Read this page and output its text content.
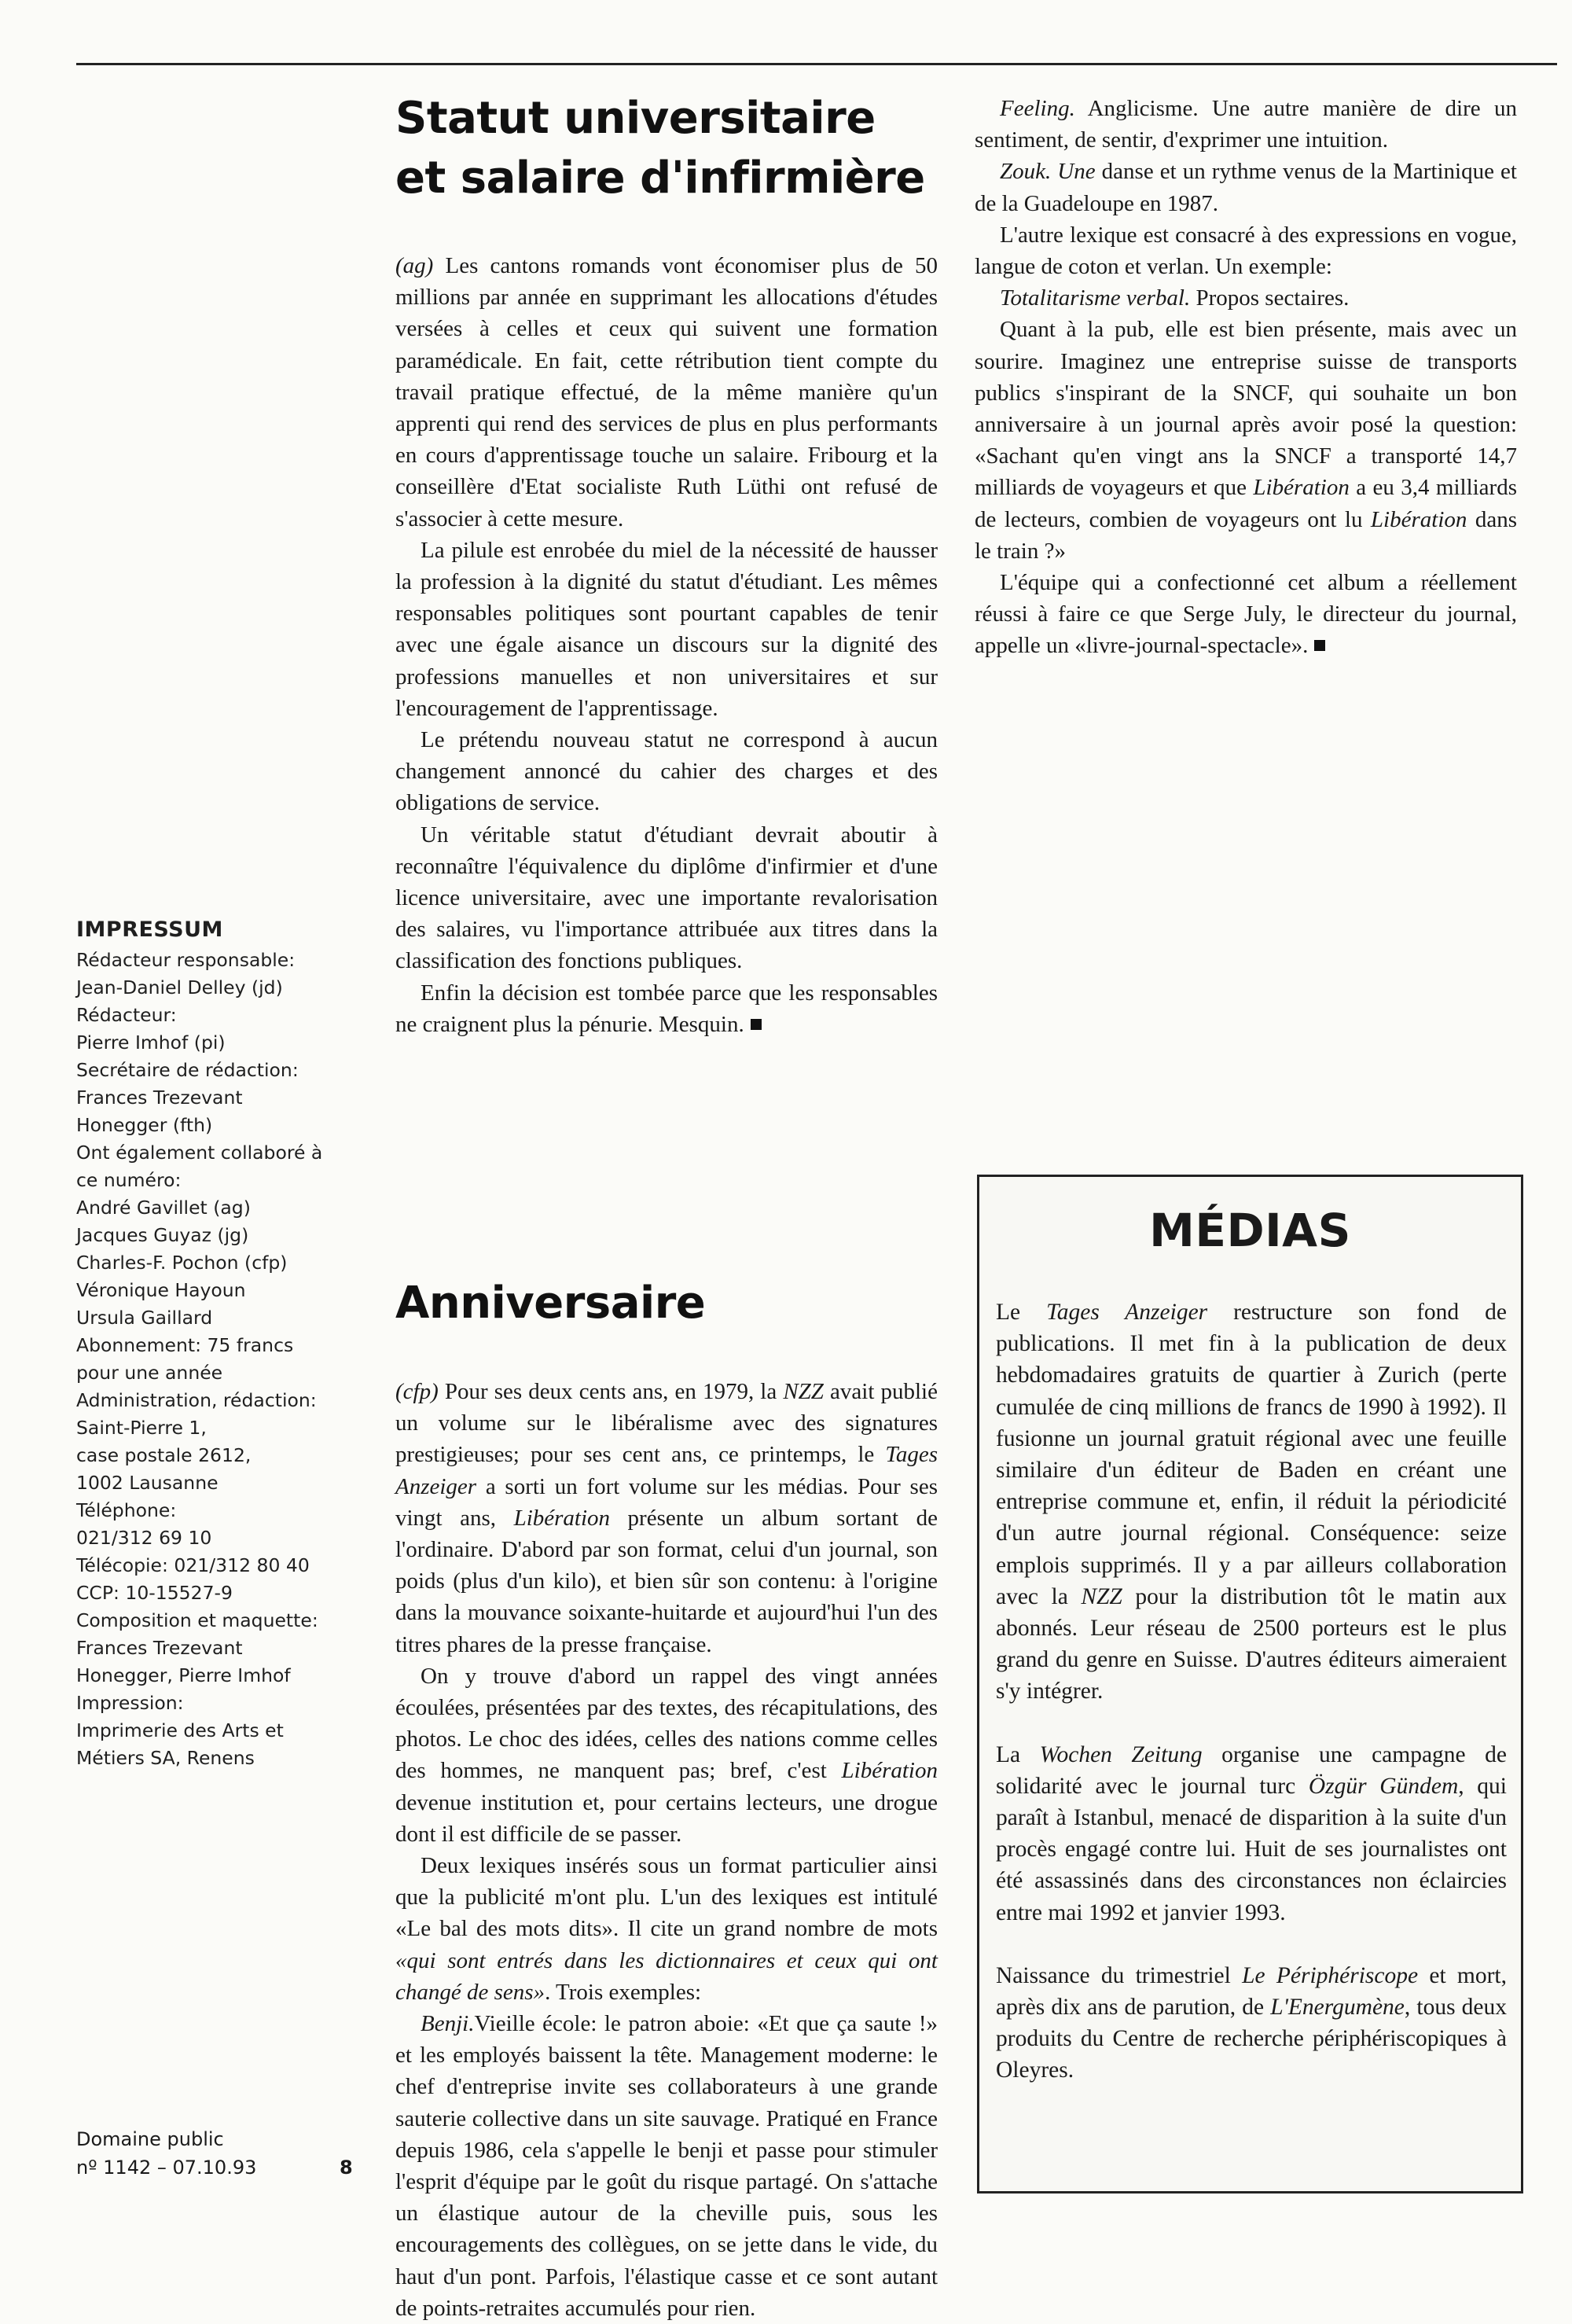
IMPRESSUM
Rédacteur responsable:
Jean-Daniel Delley (jd)
Rédacteur:
Pierre Imhof (pi)
Secrétaire de rédaction:
Frances Trezevant
Honegger (fth)
Ont également collaboré à
ce numéro:
André Gavillet (ag)
Jacques Guyaz (jg)
Charles-F. Pochon (cfp)
Véronique Hayoun
Ursula Gaillard
Abonnement: 75 francs
pour une année
Administration, rédaction:
Saint-Pierre 1,
case postale 2612,
1002 Lausanne
Téléphone:
021/312 69 10
Télécopie: 021/312 80 40
CCP: 10-15527-9
Composition et maquette:
Frances Trezevant
Honegger, Pierre Imhof
Impression:
Imprimerie des Arts et
Métiers SA, Renens
Domaine public
nº 1142 – 07.10.93	8
Statut universitaire
et salaire d'infirmière

(ag) Les cantons romands vont économiser plus de 50 millions par année en supprimant les allocations d'études versées à celles et ceux qui suivent une formation paramédicale. En fait, cette rétribution tient compte du travail pratique effectué, de la même manière qu'un apprenti qui rend des services de plus en plus performants en cours d'apprentissage touche un salaire. Fribourg et la conseillère d'Etat socialiste Ruth Lüthi ont refusé de s'associer à cette mesure.

La pilule est enrobée du miel de la nécessité de hausser la profession à la dignité du statut d'étudiant. Les mêmes responsables politiques sont pourtant capables de tenir avec une égale aisance un discours sur la dignité des professions manuelles et non universitaires et sur l'encouragement de l'apprentissage.

Le prétendu nouveau statut ne correspond à aucun changement annoncé du cahier des charges et des obligations de service.

Un véritable statut d'étudiant devrait aboutir à reconnaître l'équivalence du diplôme d'infirmier et d'une licence universitaire, avec une importante revalorisation des salaires, vu l'importance attribuée aux titres dans la classification des fonctions publiques.

Enfin la décision est tombée parce que les responsables ne craignent plus la pénurie. Mesquin.

Anniversaire

(cfp) Pour ses deux cents ans, en 1979, la NZZ avait publié un volume sur le libéralisme avec des signatures prestigieuses; pour ses cent ans, ce printemps, le Tages Anzeiger a sorti un fort volume sur les médias. Pour ses vingt ans, Libération présente un album sortant de l'ordinaire. D'abord par son format, celui d'un journal, son poids (plus d'un kilo), et bien sûr son contenu: à l'origine dans la mouvance soixante-huitarde et aujourd'hui l'un des titres phares de la presse française.

On y trouve d'abord un rappel des vingt années écoulées, présentées par des textes, des récapitulations, des photos. Le choc des idées, celles des nations comme celles des hommes, ne manquent pas; bref, c'est Libération devenue institution et, pour certains lecteurs, une drogue dont il est difficile de se passer.

Deux lexiques insérés sous un format particulier ainsi que la publicité m'ont plu. L'un des lexiques est intitulé «Le bal des mots dits». Il cite un grand nombre de mots «qui sont entrés dans les dictionnaires et ceux qui ont changé de sens». Trois exemples:

Benji.Vieille école: le patron aboie: «Et que ça saute !» et les employés baissent la tête. Management moderne: le chef d'entreprise invite ses collaborateurs à une grande sauterie collective dans un site sauvage. Pratiqué en France depuis 1986, cela s'appelle le benji et passe pour stimuler l'esprit d'équipe par le goût du risque partagé. On s'attache un élastique autour de la cheville puis, sous les encouragements des collègues, on se jette dans le vide, du haut d'un pont. Parfois, l'élastique casse et ce sont autant de points-retraites accumulés pour rien.

Feeling. Anglicisme. Une autre manière de dire un sentiment, de sentir, d'exprimer une intuition.

Zouk. Une danse et un rythme venus de la Martinique et de la Guadeloupe en 1987.

L'autre lexique est consacré à des expressions en vogue, langue de coton et verlan. Un exemple:

Totalitarisme verbal. Propos sectaires.

Quant à la pub, elle est bien présente, mais avec un sourire. Imaginez une entreprise suisse de transports publics s'inspirant de la SNCF, qui souhaite un bon anniversaire à un journal après avoir posé la question: «Sachant qu'en vingt ans la SNCF a transporté 14,7 milliards de voyageurs et que Libération a eu 3,4 milliards de lecteurs, combien de voyageurs ont lu Libération dans le train ?»

L'équipe qui a confectionné cet album a réellement réussi à faire ce que Serge July, le directeur du journal, appelle un «livre-journal-spectacle».

MÉDIAS

Le Tages Anzeiger restructure son fond de publications. Il met fin à la publication de deux hebdomadaires gratuits de quartier à Zurich (perte cumulée de cinq millions de francs de 1990 à 1992). Il fusionne un journal gratuit régional avec une feuille similaire d'un éditeur de Baden en créant une entreprise commune et, enfin, il réduit la périodicité d'un autre journal régional. Conséquence: seize emplois supprimés. Il y a par ailleurs collaboration avec la NZZ pour la distribution tôt le matin aux abonnés. Leur réseau de 2500 porteurs est le plus grand du genre en Suisse. D'autres éditeurs aimeraient s'y intégrer.

La Wochen Zeitung organise une campagne de solidarité avec le journal turc Özgür Gündem, qui paraît à Istanbul, menacé de disparition à la suite d'un procès engagé contre lui. Huit de ses journalistes ont été assassinés dans des circonstances non éclaircies entre mai 1992 et janvier 1993.

Naissance du trimestriel Le Périphériscope et mort, après dix ans de parution, de L'Energumène, tous deux produits du Centre de recherche périphériscopiques à Oleyres.
